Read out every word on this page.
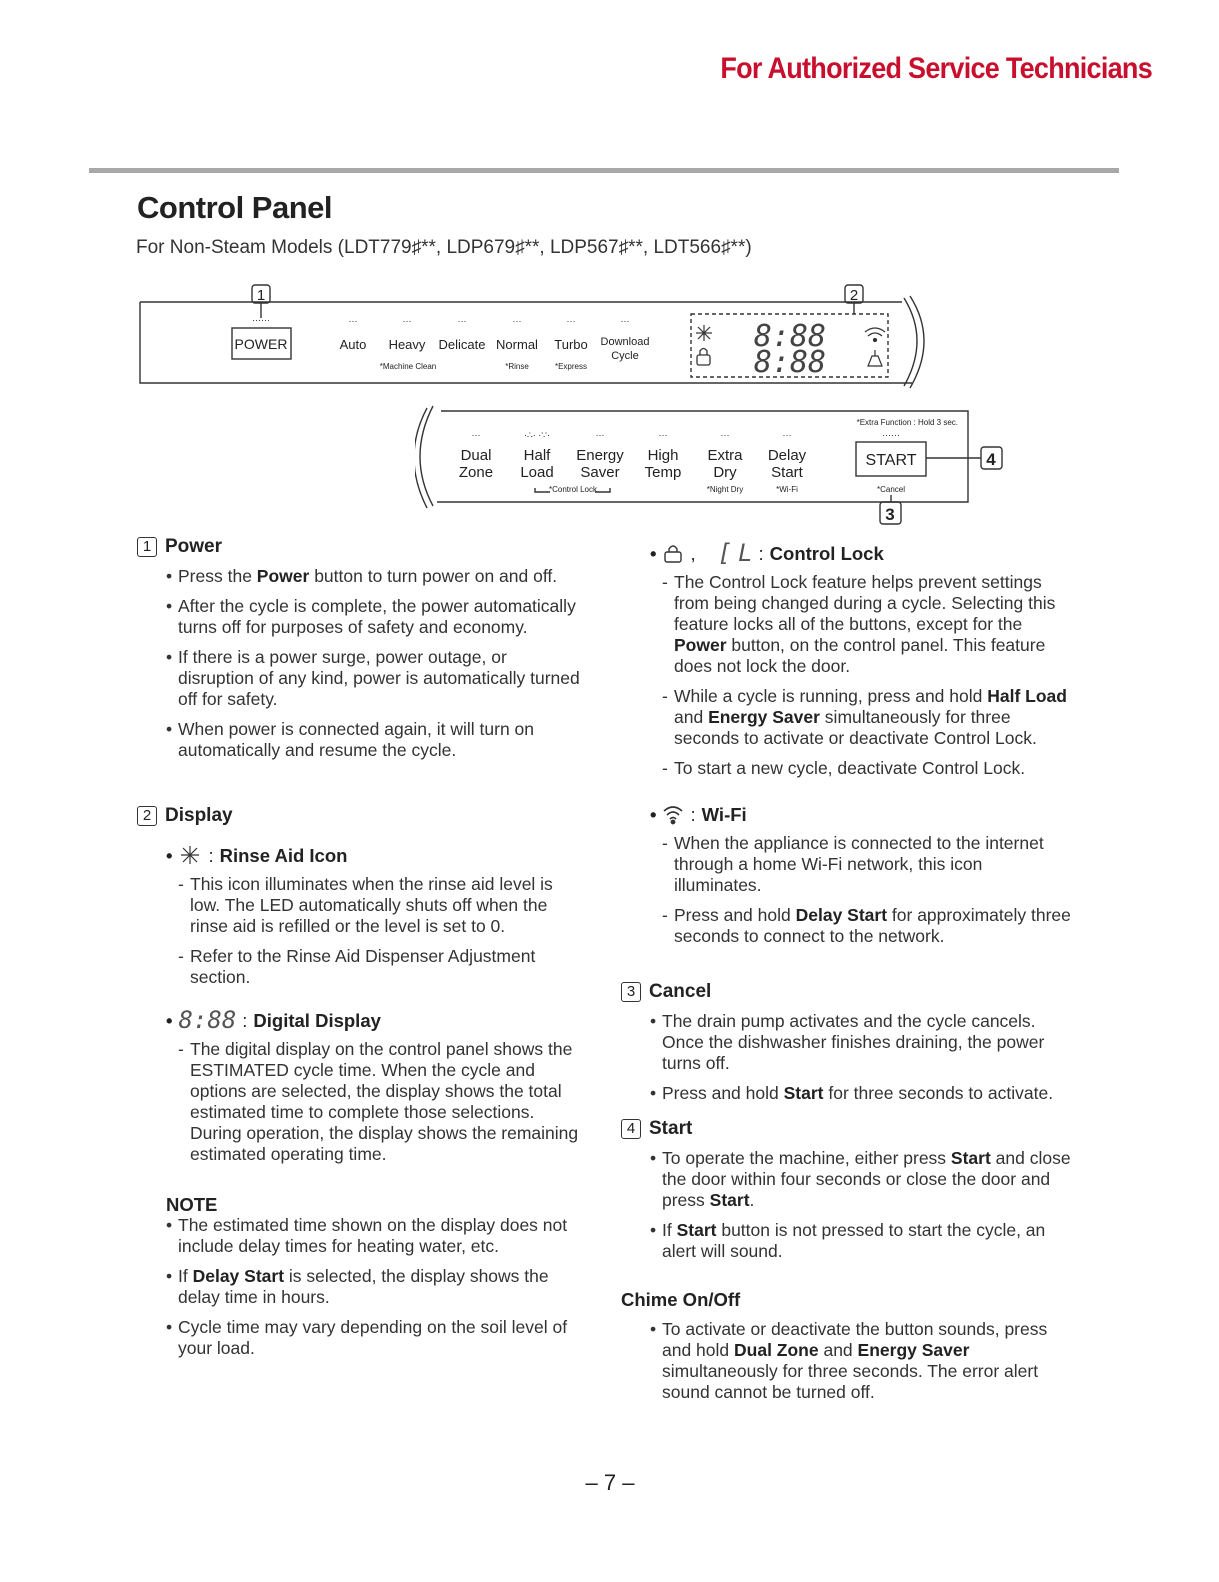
For Authorized Service Technicians
Control Panel
For Non-Steam Models (LDT779♯**, LDP679♯**, LDP567♯**, LDT566♯**)
1	2
······
POWER
···
Auto
···
Heavy
*Machine Clean
···
Delicate
···
Normal
*Rinse
···
Turbo
*Express
···
Download
Cycle
8:88
8:88
*Extra Function : Hold 3 sec.
···
Dual
Zone
·∴· ·∵·
Half
Load
···
Energy
Saver
···
High
Temp
···
Extra
Dry
*Night Dry
···
Delay
Start
*Wi-Fi
*Control Lock
······
START
*Cancel
4
3
1 Power

• Press the Power button to turn power on and off.

• After the cycle is complete, the power automatically turns off for purposes of safety and economy.

• If there is a power surge, power outage, or disruption of any kind, power is automatically turned off for safety.

• When power is connected again, it will turn on automatically and resume the cycle.

2 Display
• : Rinse Aid Icon

- This icon illuminates when the rinse aid level is low. The LED automatically shuts off when the rinse aid is refilled or the level is set to 0.

- Refer to the Rinse Aid Dispenser Adjustment section.

• 8:88 : Digital Display

- The digital display on the control panel shows the ESTIMATED cycle time. When the cycle and options are selected, the display shows the total estimated time to complete those selections. During operation, the display shows the remaining estimated operating time.

NOTE

• The estimated time shown on the display does not include delay times for heating water, etc.

• If Delay Start is selected, the display shows the delay time in hours.

• Cycle time may vary depending on the soil level of your load.

• , [ L : Control Lock

- The Control Lock feature helps prevent settings from being changed during a cycle. Selecting this feature locks all of the buttons, except for the Power button, on the control panel. This feature does not lock the door.

- While a cycle is running, press and hold Half Load and Energy Saver simultaneously for three seconds to activate or deactivate Control Lock.

- To start a new cycle, deactivate Control Lock.

• : Wi-Fi

- When the appliance is connected to the internet through a home Wi-Fi network, this icon illuminates.

- Press and hold Delay Start for approximately three seconds to connect to the network.

3 Cancel

• The drain pump activates and the cycle cancels. Once the dishwasher finishes draining, the power turns off.

• Press and hold Start for three seconds to activate.

4 Start

• To operate the machine, either press Start and close the door within four seconds or close the door and press Start.

• If Start button is not pressed to start the cycle, an alert will sound.

Chime On/Off

• To activate or deactivate the button sounds, press and hold Dual Zone and Energy Saver simultaneously for three seconds. The error alert sound cannot be turned off.

– 7 –
